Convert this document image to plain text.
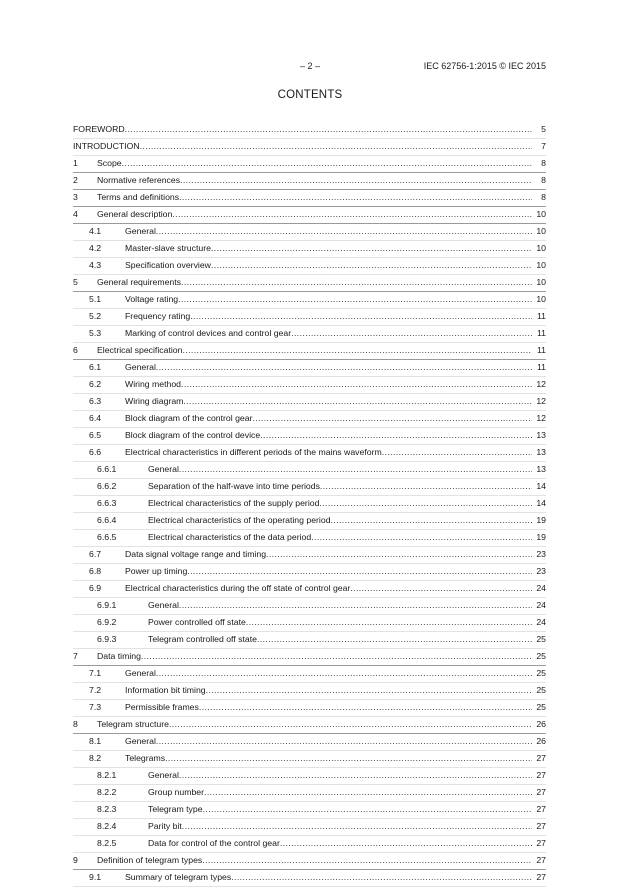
– 2 –	IEC 62756-1:2015 © IEC 2015
CONTENTS
FOREWORD .....	5
INTRODUCTION .....	7
1 Scope .....	8
2 Normative references .....	8
3 Terms and definitions .....	8
4 General description .....	10
4.1	General .....	10
4.2	Master-slave structure .....	10
4.3	Specification overview .....	10
5 General requirements .....	10
5.1	Voltage rating .....	10
5.2	Frequency rating .....	11
5.3	Marking of control devices and control gear .....	11
6 Electrical specification .....	11
6.1	General .....	11
6.2	Wiring method .....	12
6.3	Wiring diagram .....	12
6.4	Block diagram of the control gear .....	12
6.5	Block diagram of the control device .....	13
6.6	Electrical characteristics in different periods of the mains waveform .....	13
6.6.1	General .....	13
6.6.2	Separation of the half-wave into time periods .....	14
6.6.3	Electrical characteristics of the supply period .....	14
6.6.4	Electrical characteristics of the operating period .....	19
6.6.5	Electrical characteristics of the data period .....	19
6.7	Data signal voltage range and timing .....	23
6.8	Power up timing .....	23
6.9	Electrical characteristics during the off state of control gear .....	24
6.9.1	General .....	24
6.9.2	Power controlled off state .....	24
6.9.3	Telegram controlled off state .....	25
7 Data timing .....	25
7.1	General .....	25
7.2	Information bit timing .....	25
7.3	Permissible frames .....	25
8 Telegram structure .....	26
8.1	General .....	26
8.2	Telegrams .....	27
8.2.1	General .....	27
8.2.2	Group number .....	27
8.2.3	Telegram type .....	27
8.2.4	Parity bit .....	27
8.2.5	Data for control of the control gear .....	27
9 Definition of telegram types .....	27
9.1	Summary of telegram types .....	27
